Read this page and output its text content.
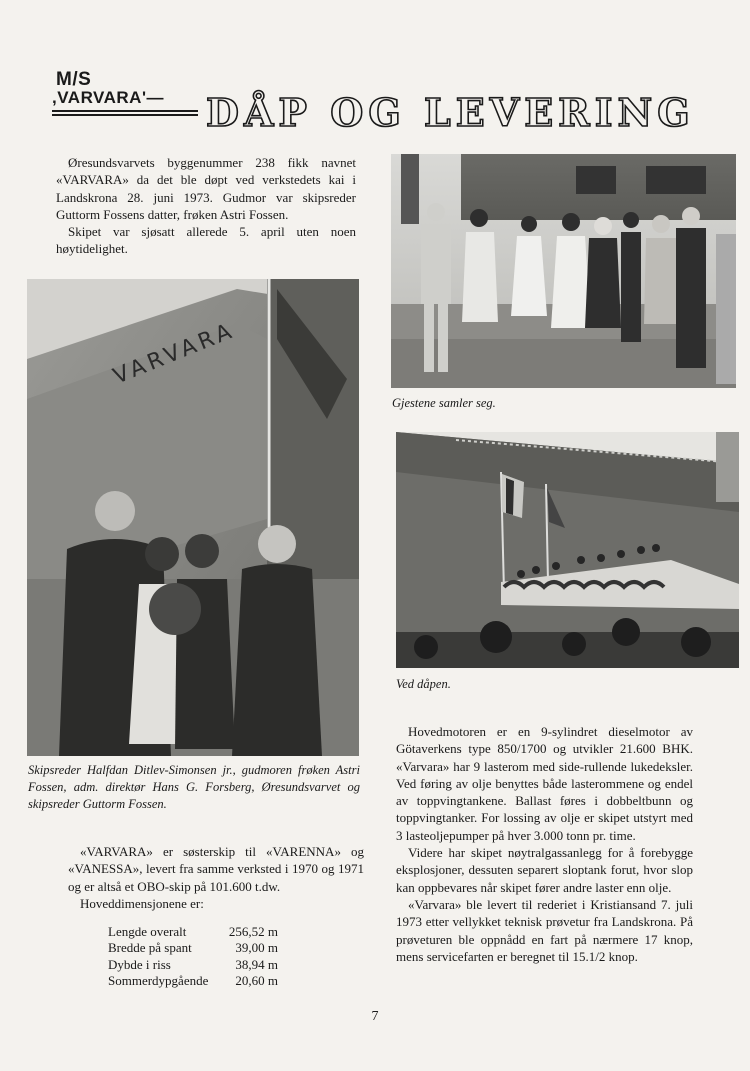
M/S
,VARVARA'— DÅP OG LEVERING
Øresundsvarvets byggenummer 238 fikk navnet «VARVARA» da det ble døpt ved verkstedets kai i Landskrona 28. juni 1973. Gudmor var skipsreder Guttorm Fossens datter, frøken Astri Fossen.
Skipet var sjøsatt allerede 5. april uten noen høytidelighet.
Gjestene samler seg.
Ved dåpen.
VARVARA
Skipsreder Halfdan Ditlev-Simonsen jr., gudmoren frøken Astri Fossen, adm. direktør Hans G. Forsberg, Øresundsvarvet og skipsreder Guttorm Fossen.
«VARVARA» er søsterskip til «VARENNA» og «VANESSA», levert fra samme verksted i 1970 og 1971 og er altså et OBO-skip på 101.600 t.dw.
Hoveddimensjonene er:
Lengde overalt	256,52 m
Bredde på spant	39,00 m
Dybde i riss	38,94 m
Sommerdypgående	20,60 m
Hovedmotoren er en 9-sylindret dieselmotor av Götaverkens type 850/1700 og utvikler 21.600 BHK. «Varvara» har 9 lasterom med side-rullende lukedeksler. Ved føring av olje benyttes både lasterommene og endel av toppvingtankene. Ballast føres i dobbeltbunn og toppvingtanker. For lossing av olje er skipet utstyrt med 3 lasteoljepumper på hver 3.000 tonn pr. time.
Videre har skipet nøytralgassanlegg for å forebygge eksplosjoner, dessuten separert sloptank forut, hvor slop kan oppbevares når skipet fører andre laster enn olje.
«Varvara» ble levert til rederiet i Kristiansand 7. juli 1973 etter vellykket teknisk prøvetur fra Landskrona. På prøveturen ble oppnådd en fart på nærmere 17 knop, mens servicefarten er beregnet til 15.1/2 knop.
7
